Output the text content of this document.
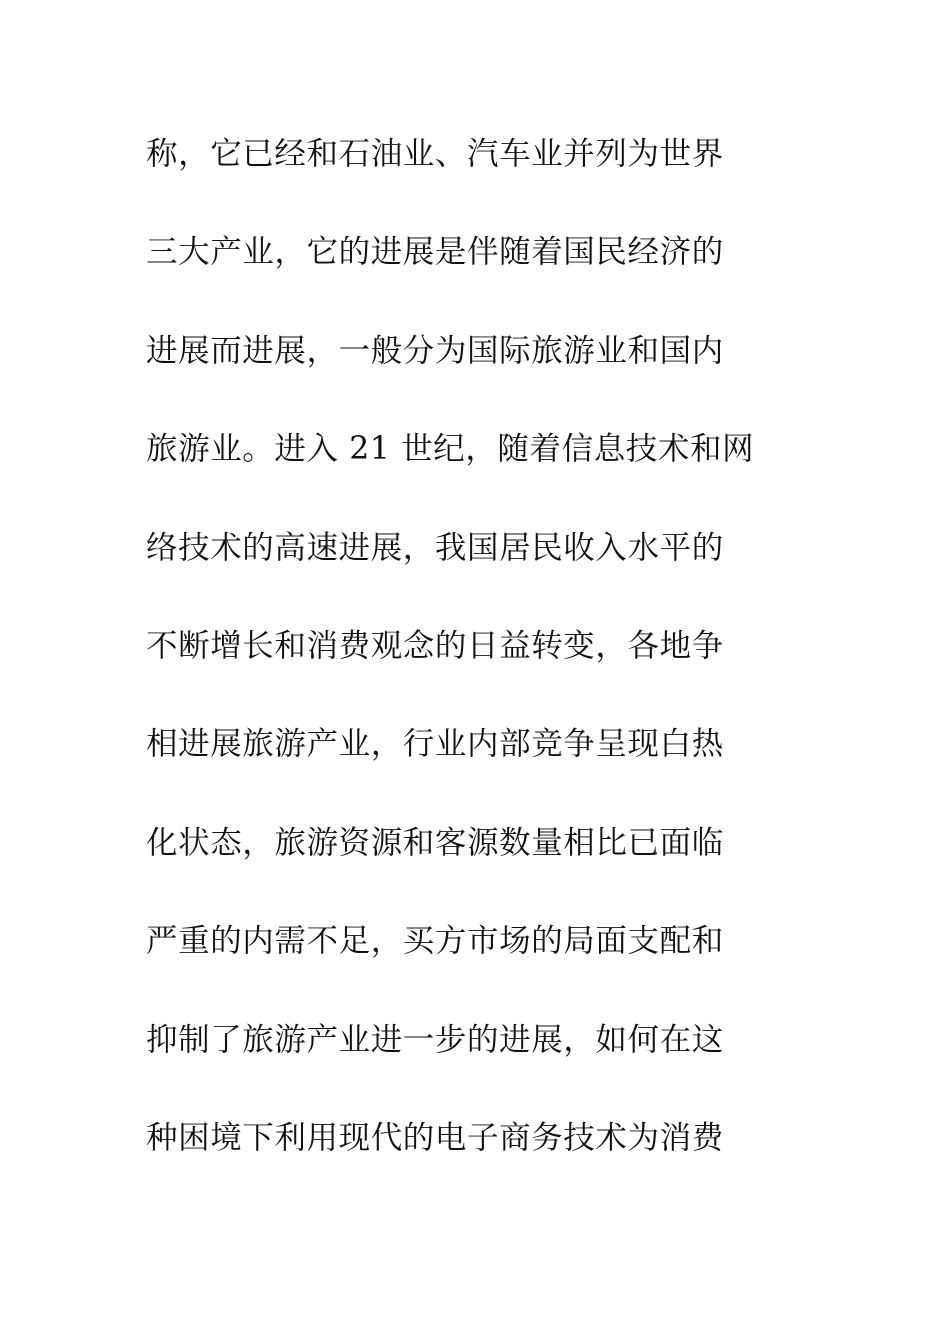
称，它已经和石油业、汽车业并列为世界
三大产业，它的进展是伴随着国民经济的
进展而进展，一般分为国际旅游业和国内
旅游业。进入 21 世纪，随着信息技术和网
络技术的高速进展，我国居民收入水平的
不断增长和消费观念的日益转变，各地争
相进展旅游产业，行业内部竞争呈现白热
化状态，旅游资源和客源数量相比已面临
严重的内需不足，买方市场的局面支配和
抑制了旅游产业进一步的进展，如何在这
种困境下利用现代的电子商务技术为消费
